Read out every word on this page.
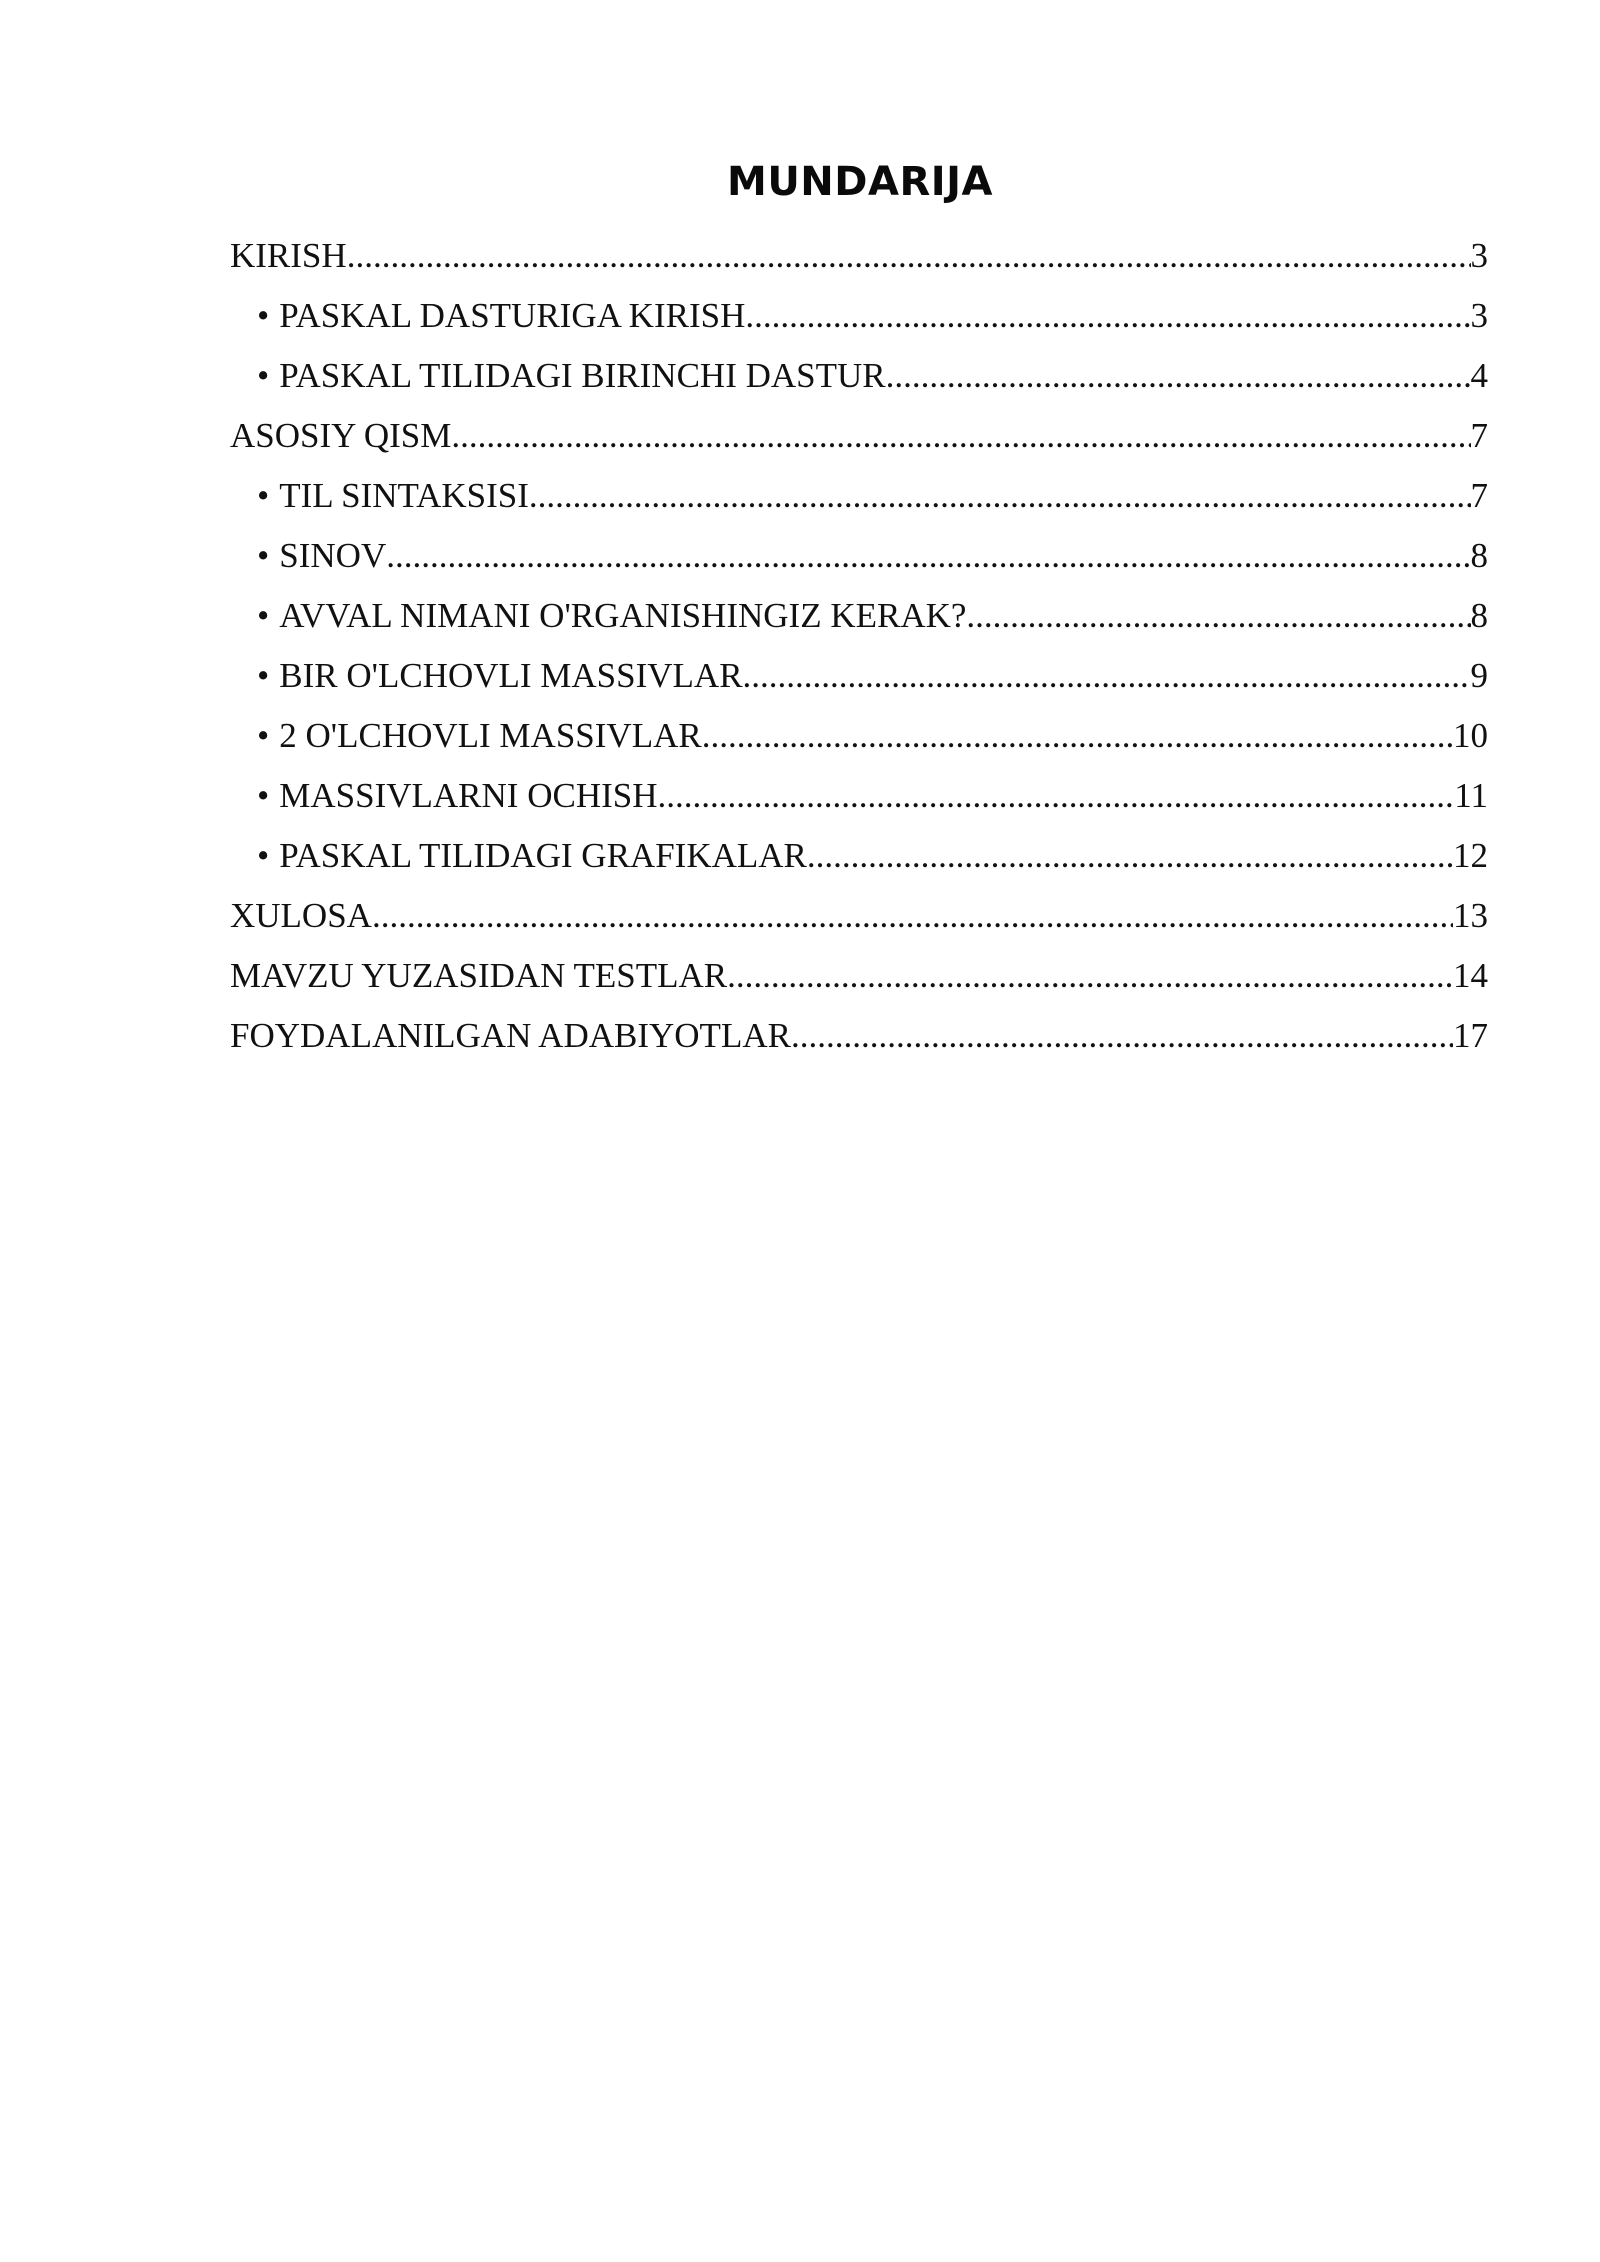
MUNDARIJA
KIRISH .....	3
• PASKAL DASTURIGA KIRISH .....	3
• PASKAL TILIDAGI BIRINCHI DASTUR .....	4
ASOSIY QISM .....	7
• TIL SINTAKSISI .....	7
• SINOV .....	8
• AVVAL NIMANI O'RGANISHINGIZ KERAK? .....	8
• BIR O'LCHOVLI MASSIVLAR .....	9
• 2 O'LCHOVLI MASSIVLAR .....	10
• MASSIVLARNI OCHISH .....	11
• PASKAL TILIDAGI GRAFIKALAR .....	12
XULOSA .....	13
MAVZU YUZASIDAN TESTLAR .....	14
FOYDALANILGAN ADABIYOTLAR .....	17
